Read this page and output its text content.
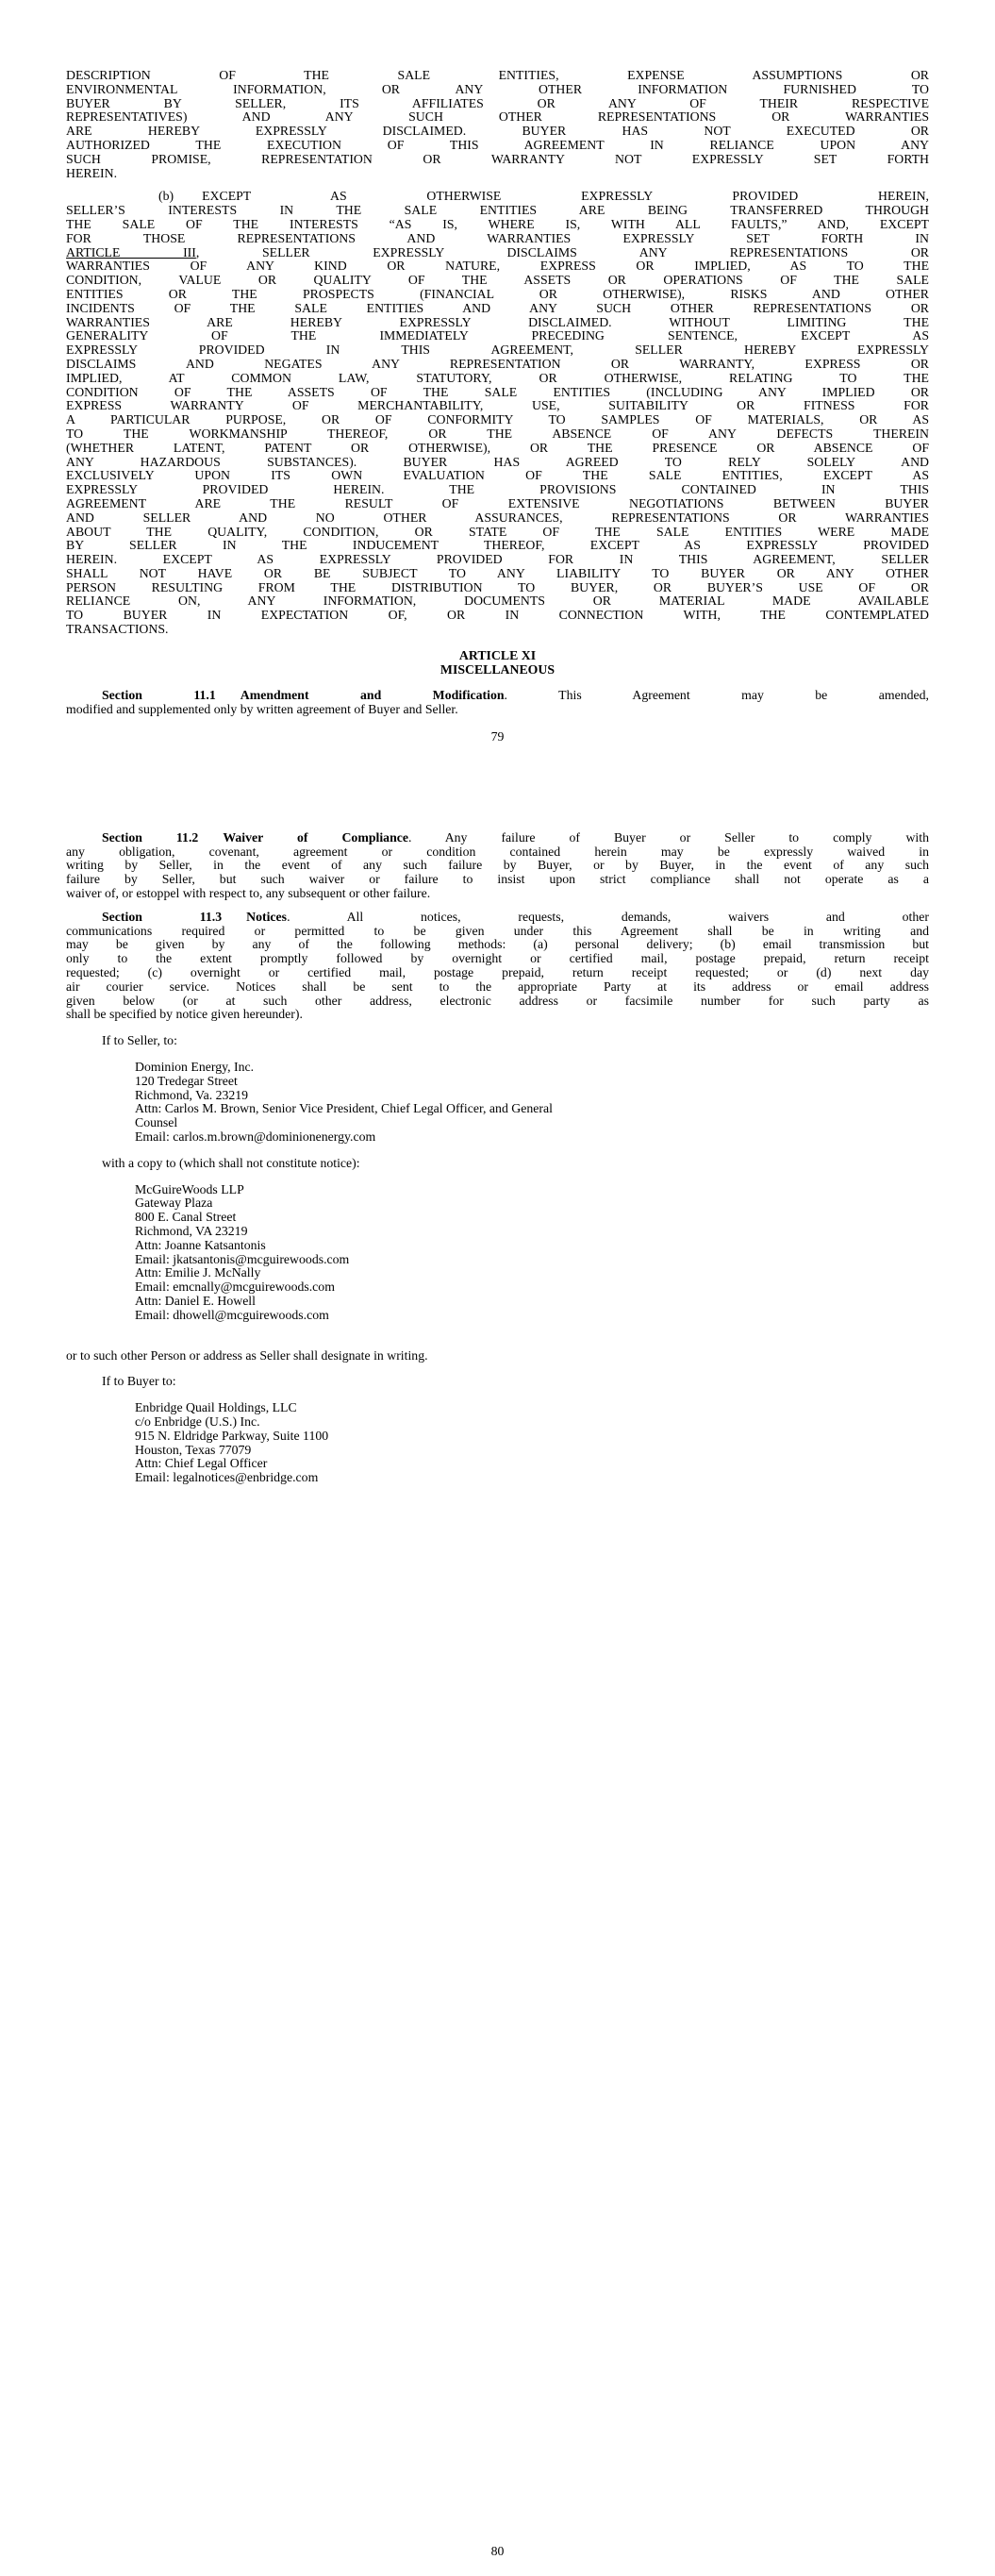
DESCRIPTION OF THE SALE ENTITIES, EXPENSE ASSUMPTIONS OR
ENVIRONMENTAL INFORMATION, OR ANY OTHER INFORMATION FURNISHED TO
BUYER BY SELLER, ITS AFFILIATES OR ANY OF THEIR RESPECTIVE
REPRESENTATIVES) AND ANY SUCH OTHER REPRESENTATIONS OR WARRANTIES
ARE HEREBY EXPRESSLY DISCLAIMED. BUYER HAS NOT EXECUTED OR
AUTHORIZED THE EXECUTION OF THIS AGREEMENT IN RELIANCE UPON ANY
SUCH PROMISE, REPRESENTATION OR WARRANTY NOT EXPRESSLY SET FORTH
HEREIN.
(b) EXCEPT AS OTHERWISE EXPRESSLY PROVIDED HEREIN,
SELLER’S INTERESTS IN THE SALE ENTITIES ARE BEING TRANSFERRED THROUGH
THE SALE OF THE INTERESTS “AS IS, WHERE IS, WITH ALL FAULTS,” AND, EXCEPT
FOR THOSE REPRESENTATIONS AND WARRANTIES EXPRESSLY SET FORTH IN
ARTICLE III, SELLER EXPRESSLY DISCLAIMS ANY REPRESENTATIONS OR
WARRANTIES OF ANY KIND OR NATURE, EXPRESS OR IMPLIED, AS TO THE
CONDITION, VALUE OR QUALITY OF THE ASSETS OR OPERATIONS OF THE SALE
ENTITIES OR THE PROSPECTS (FINANCIAL OR OTHERWISE), RISKS AND OTHER
INCIDENTS OF THE SALE ENTITIES AND ANY SUCH OTHER REPRESENTATIONS OR
WARRANTIES ARE HEREBY EXPRESSLY DISCLAIMED. WITHOUT LIMITING THE
GENERALITY OF THE IMMEDIATELY PRECEDING SENTENCE, EXCEPT AS
EXPRESSLY PROVIDED IN THIS AGREEMENT, SELLER HEREBY EXPRESSLY
DISCLAIMS AND NEGATES ANY REPRESENTATION OR WARRANTY, EXPRESS OR
IMPLIED, AT COMMON LAW, STATUTORY, OR OTHERWISE, RELATING TO THE
CONDITION OF THE ASSETS OF THE SALE ENTITIES (INCLUDING ANY IMPLIED OR
EXPRESS WARRANTY OF MERCHANTABILITY, USE, SUITABILITY OR FITNESS FOR
A PARTICULAR PURPOSE, OR OF CONFORMITY TO SAMPLES OF MATERIALS, OR AS
TO THE WORKMANSHIP THEREOF, OR THE ABSENCE OF ANY DEFECTS THEREIN
(WHETHER LATENT, PATENT OR OTHERWISE), OR THE PRESENCE OR ABSENCE OF
ANY HAZARDOUS SUBSTANCES). BUYER HAS AGREED TO RELY SOLELY AND
EXCLUSIVELY UPON ITS OWN EVALUATION OF THE SALE ENTITIES, EXCEPT AS
EXPRESSLY PROVIDED HEREIN. THE PROVISIONS CONTAINED IN THIS
AGREEMENT ARE THE RESULT OF EXTENSIVE NEGOTIATIONS BETWEEN BUYER
AND SELLER AND NO OTHER ASSURANCES, REPRESENTATIONS OR WARRANTIES
ABOUT THE QUALITY, CONDITION, OR STATE OF THE SALE ENTITIES WERE MADE
BY SELLER IN THE INDUCEMENT THEREOF, EXCEPT AS EXPRESSLY PROVIDED
HEREIN. EXCEPT AS EXPRESSLY PROVIDED FOR IN THIS AGREEMENT, SELLER
SHALL NOT HAVE OR BE SUBJECT TO ANY LIABILITY TO BUYER OR ANY OTHER
PERSON RESULTING FROM THE DISTRIBUTION TO BUYER, OR BUYER’S USE OF OR
RELIANCE ON, ANY INFORMATION, DOCUMENTS OR MATERIAL MADE AVAILABLE
TO BUYER IN EXPECTATION OF, OR IN CONNECTION WITH, THE CONTEMPLATED
TRANSACTIONS.
ARTICLE XI
MISCELLANEOUS
Section 11.1 Amendment and Modification. This Agreement may be amended,
modified and supplemented only by written agreement of Buyer and Seller.
79
Section 11.2 Waiver of Compliance. Any failure of Buyer or Seller to comply with
any obligation, covenant, agreement or condition contained herein may be expressly waived in
writing by Seller, in the event of any such failure by Buyer, or by Buyer, in the event of any such
failure by Seller, but such waiver or failure to insist upon strict compliance shall not operate as a
waiver of, or estoppel with respect to, any subsequent or other failure.
Section 11.3 Notices. All notices, requests, demands, waivers and other
communications required or permitted to be given under this Agreement shall be in writing and
may be given by any of the following methods: (a) personal delivery; (b) email transmission but
only to the extent promptly followed by overnight or certified mail, postage prepaid, return receipt
requested; (c) overnight or certified mail, postage prepaid, return receipt requested; or (d) next day
air courier service. Notices shall be sent to the appropriate Party at its address or email address
given below (or at such other address, electronic address or facsimile number for such party as
shall be specified by notice given hereunder).
If to Seller, to:
Dominion Energy, Inc.
120 Tredegar Street
Richmond, Va. 23219
Attn: Carlos M. Brown, Senior Vice President, Chief Legal Officer, and General
Counsel
Email: carlos.m.brown@dominionenergy.com
with a copy to (which shall not constitute notice):
McGuireWoods LLP
Gateway Plaza
800 E. Canal Street
Richmond, VA 23219
Attn: Joanne Katsantonis
Email: jkatsantonis@mcguirewoods.com
Attn: Emilie J. McNally
Email: emcnally@mcguirewoods.com
Attn: Daniel E. Howell
Email: dhowell@mcguirewoods.com
or to such other Person or address as Seller shall designate in writing.
If to Buyer to:
Enbridge Quail Holdings, LLC
c/o Enbridge (U.S.) Inc.
915 N. Eldridge Parkway, Suite 1100
Houston, Texas 77079
Attn: Chief Legal Officer
Email: legalnotices@enbridge.com
80
